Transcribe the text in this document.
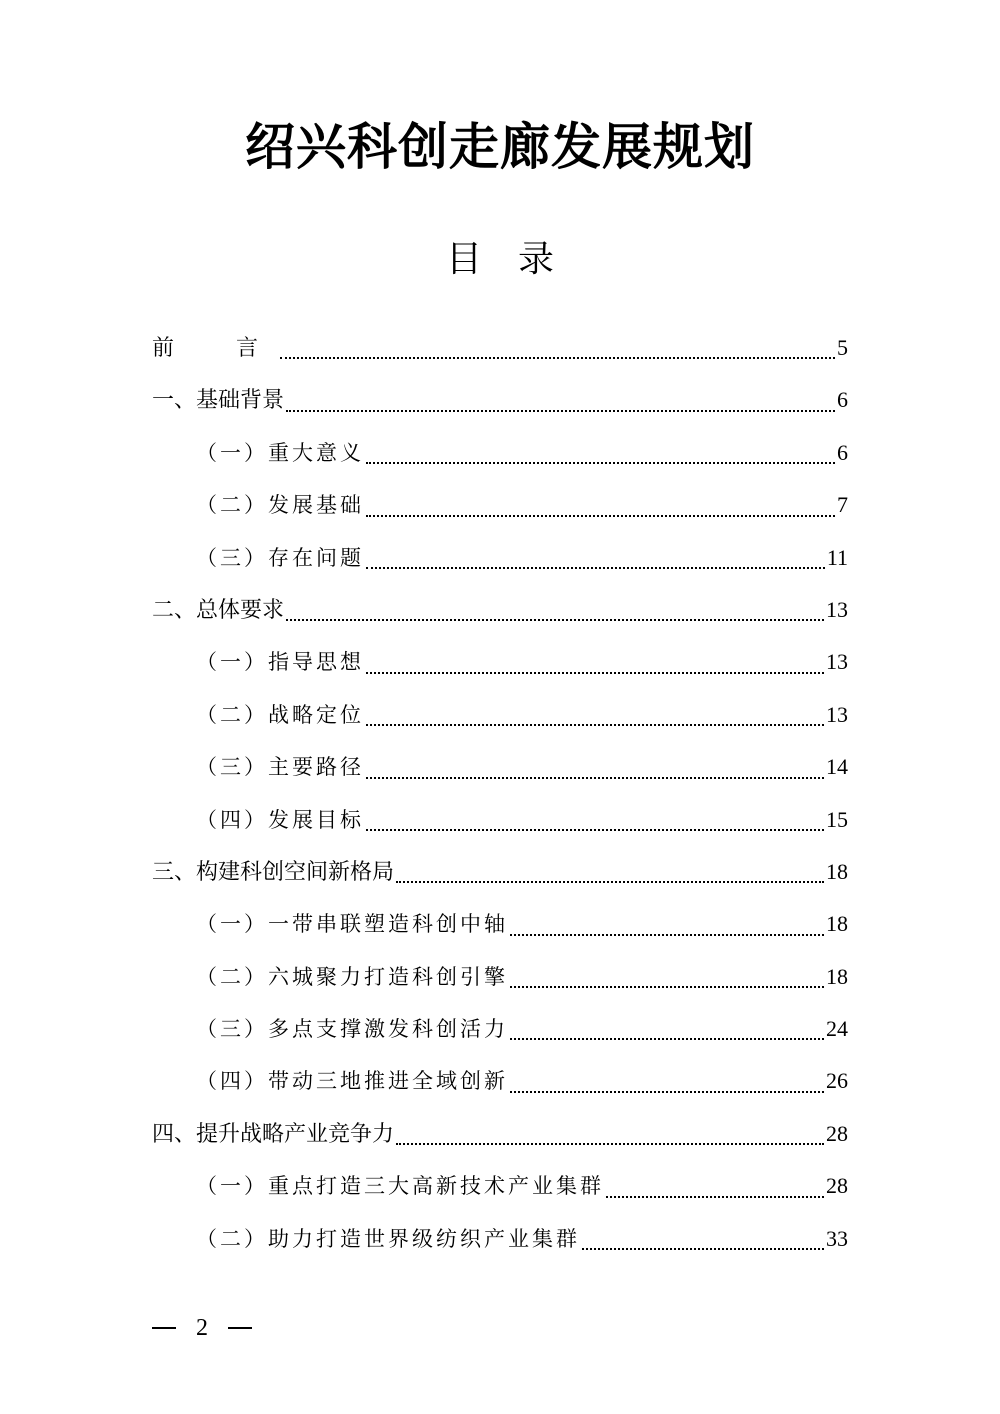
绍兴科创走廊发展规划
目　录
前　言	5
一、基础背景	6
（一）重大意义	6
（二）发展基础	7
（三）存在问题	11
二、总体要求	13
（一）指导思想	13
（二）战略定位	13
（三）主要路径	14
（四）发展目标	15
三、构建科创空间新格局	18
（一）一带串联塑造科创中轴	18
（二）六城聚力打造科创引擎	18
（三）多点支撑激发科创活力	24
（四）带动三地推进全域创新	26
四、提升战略产业竞争力	28
（一）重点打造三大高新技术产业集群	28
（二）助力打造世界级纺织产业集群	33
2
